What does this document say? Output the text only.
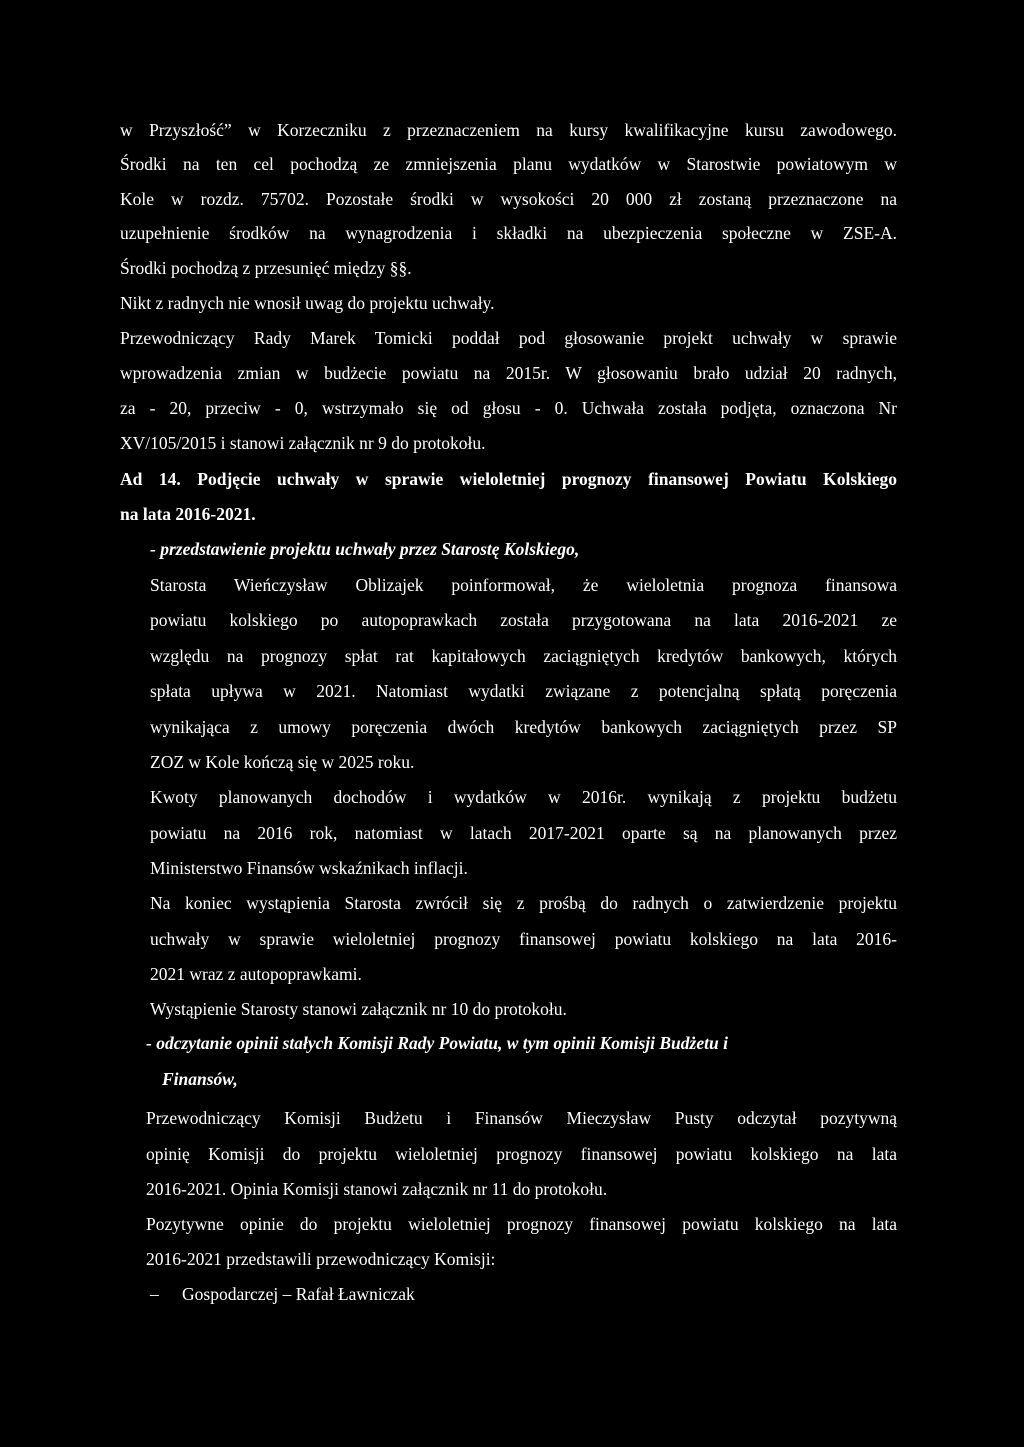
w Przyszłość” w Korzeczniku z przeznaczeniem na kursy kwalifikacyjne kursu zawodowego.
Środki na ten cel pochodzą ze zmniejszenia planu wydatków w Starostwie powiatowym w
Kole w rozdz. 75702. Pozostałe środki w wysokości 20 000 zł zostaną przeznaczone na
uzupełnienie środków na wynagrodzenia i składki na ubezpieczenia społeczne w ZSE-A.
Środki pochodzą z przesunięć między §§.
Nikt z radnych nie wnosił uwag do projektu uchwały.
Przewodniczący Rady Marek Tomicki poddał pod głosowanie projekt uchwały w sprawie
wprowadzenia zmian w budżecie powiatu na 2015r. W głosowaniu brało udział 20 radnych,
za - 20, przeciw - 0, wstrzymało się od głosu - 0. Uchwała została podjęta, oznaczona Nr
XV/105/2015 i stanowi załącznik nr 9 do protokołu.
Ad 14. Podjęcie uchwały w sprawie wieloletniej prognozy finansowej Powiatu Kolskiego
na lata 2016-2021.
- przedstawienie projektu uchwały przez Starostę Kolskiego,
Starosta Wieńczysław Oblizajek poinformował, że wieloletnia prognoza finansowa
powiatu kolskiego po autopoprawkach została przygotowana na lata 2016-2021 ze
względu na prognozy spłat rat kapitałowych zaciągniętych kredytów bankowych, których
spłata upływa w 2021. Natomiast wydatki związane z potencjalną spłatą poręczenia
wynikająca z umowy poręczenia dwóch kredytów bankowych zaciągniętych przez SP
ZOZ w Kole kończą się w 2025 roku.
Kwoty planowanych dochodów i wydatków w 2016r. wynikają z projektu budżetu
powiatu na 2016 rok, natomiast w latach 2017-2021 oparte są na planowanych przez
Ministerstwo Finansów wskaźnikach inflacji.
Na koniec wystąpienia Starosta zwrócił się z prośbą do radnych o zatwierdzenie projektu
uchwały w sprawie wieloletniej prognozy finansowej powiatu kolskiego na lata 2016-
2021 wraz z autopoprawkami.
Wystąpienie Starosty stanowi załącznik nr 10 do protokołu.
- odczytanie opinii stałych Komisji Rady Powiatu, w tym opinii Komisji Budżetu i
Finansów,
Przewodniczący Komisji Budżetu i Finansów Mieczysław Pusty odczytał pozytywną
opinię Komisji do projektu wieloletniej prognozy finansowej powiatu kolskiego na lata
2016-2021. Opinia Komisji stanowi załącznik nr 11 do protokołu.
Pozytywne opinie do projektu wieloletniej prognozy finansowej powiatu kolskiego na lata
2016-2021 przedstawili przewodniczący Komisji:
– Gospodarczej – Rafał Ławniczak
